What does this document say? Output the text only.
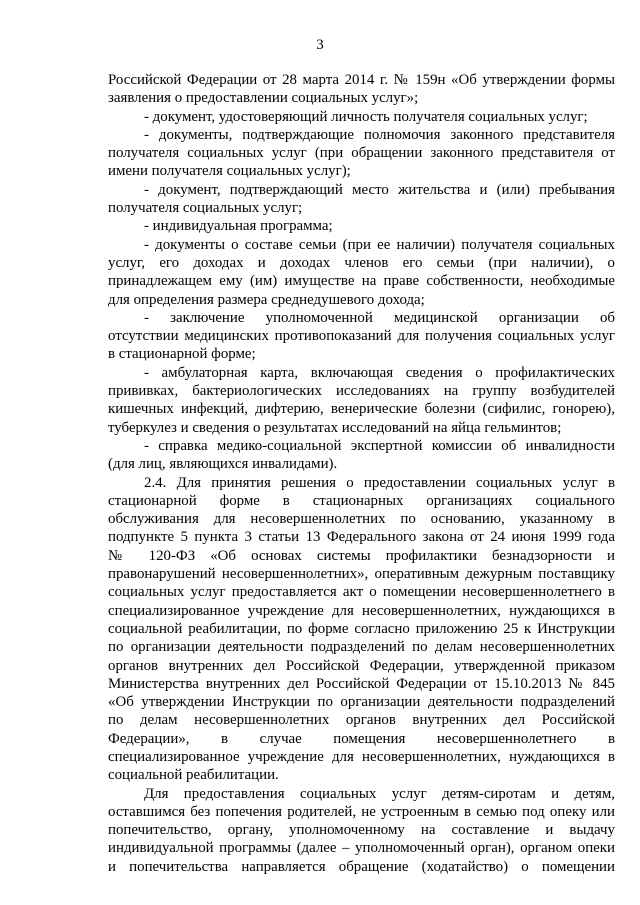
3
Российской Федерации от 28 марта 2014 г. № 159н «Об утверждении формы
заявления о предоставлении социальных услуг»;
- документ, удостоверяющий личность получателя социальных услуг;
- документы, подтверждающие полномочия законного представителя
получателя социальных услуг (при обращении законного представителя от
имени получателя социальных услуг);
- документ, подтверждающий место жительства и (или) пребывания
получателя социальных услуг;
- индивидуальная программа;
- документы о составе семьи (при ее наличии) получателя социальных
услуг, его доходах и доходах членов его семьи (при наличии), о
принадлежащем ему (им) имуществе на праве собственности, необходимые
для определения размера среднедушевого дохода;
- заключение уполномоченной медицинской организации об
отсутствии медицинских противопоказаний для получения социальных услуг
в стационарной форме;
- амбулаторная карта, включающая сведения о профилактических
прививках, бактериологических исследованиях на группу возбудителей
кишечных инфекций, дифтерию, венерические болезни (сифилис, гонорею),
туберкулез и сведения о результатах исследований на яйца гельминтов;
- справка медико-социальной экспертной комиссии об инвалидности
(для лиц, являющихся инвалидами).
2.4. Для принятия решения о предоставлении социальных услуг в
стационарной форме в стационарных организациях социального
обслуживания для несовершеннолетних по основанию, указанному в
подпункте 5 пункта 3 статьи 13 Федерального закона от 24 июня 1999 года
№ 120-ФЗ «Об основах системы профилактики безнадзорности и
правонарушений несовершеннолетних», оперативным дежурным поставщику
социальных услуг предоставляется акт о помещении несовершеннолетнего в
специализированное учреждение для несовершеннолетних, нуждающихся в
социальной реабилитации, по форме согласно приложению 25 к Инструкции
по организации деятельности подразделений по делам несовершеннолетних
органов внутренних дел Российской Федерации, утвержденной приказом
Министерства внутренних дел Российской Федерации от 15.10.2013 № 845
«Об утверждении Инструкции по организации деятельности подразделений
по делам несовершеннолетних органов внутренних дел Российской
Федерации», в случае помещения несовершеннолетнего в
специализированное учреждение для несовершеннолетних, нуждающихся в
социальной реабилитации.
Для предоставления социальных услуг детям-сиротам и детям,
оставшимся без попечения родителей, не устроенным в семью под опеку или
попечительство, органу, уполномоченному на составление и выдачу
индивидуальной программы (далее – уполномоченный орган), органом опеки
и попечительства направляется обращение (ходатайство) о помещении
